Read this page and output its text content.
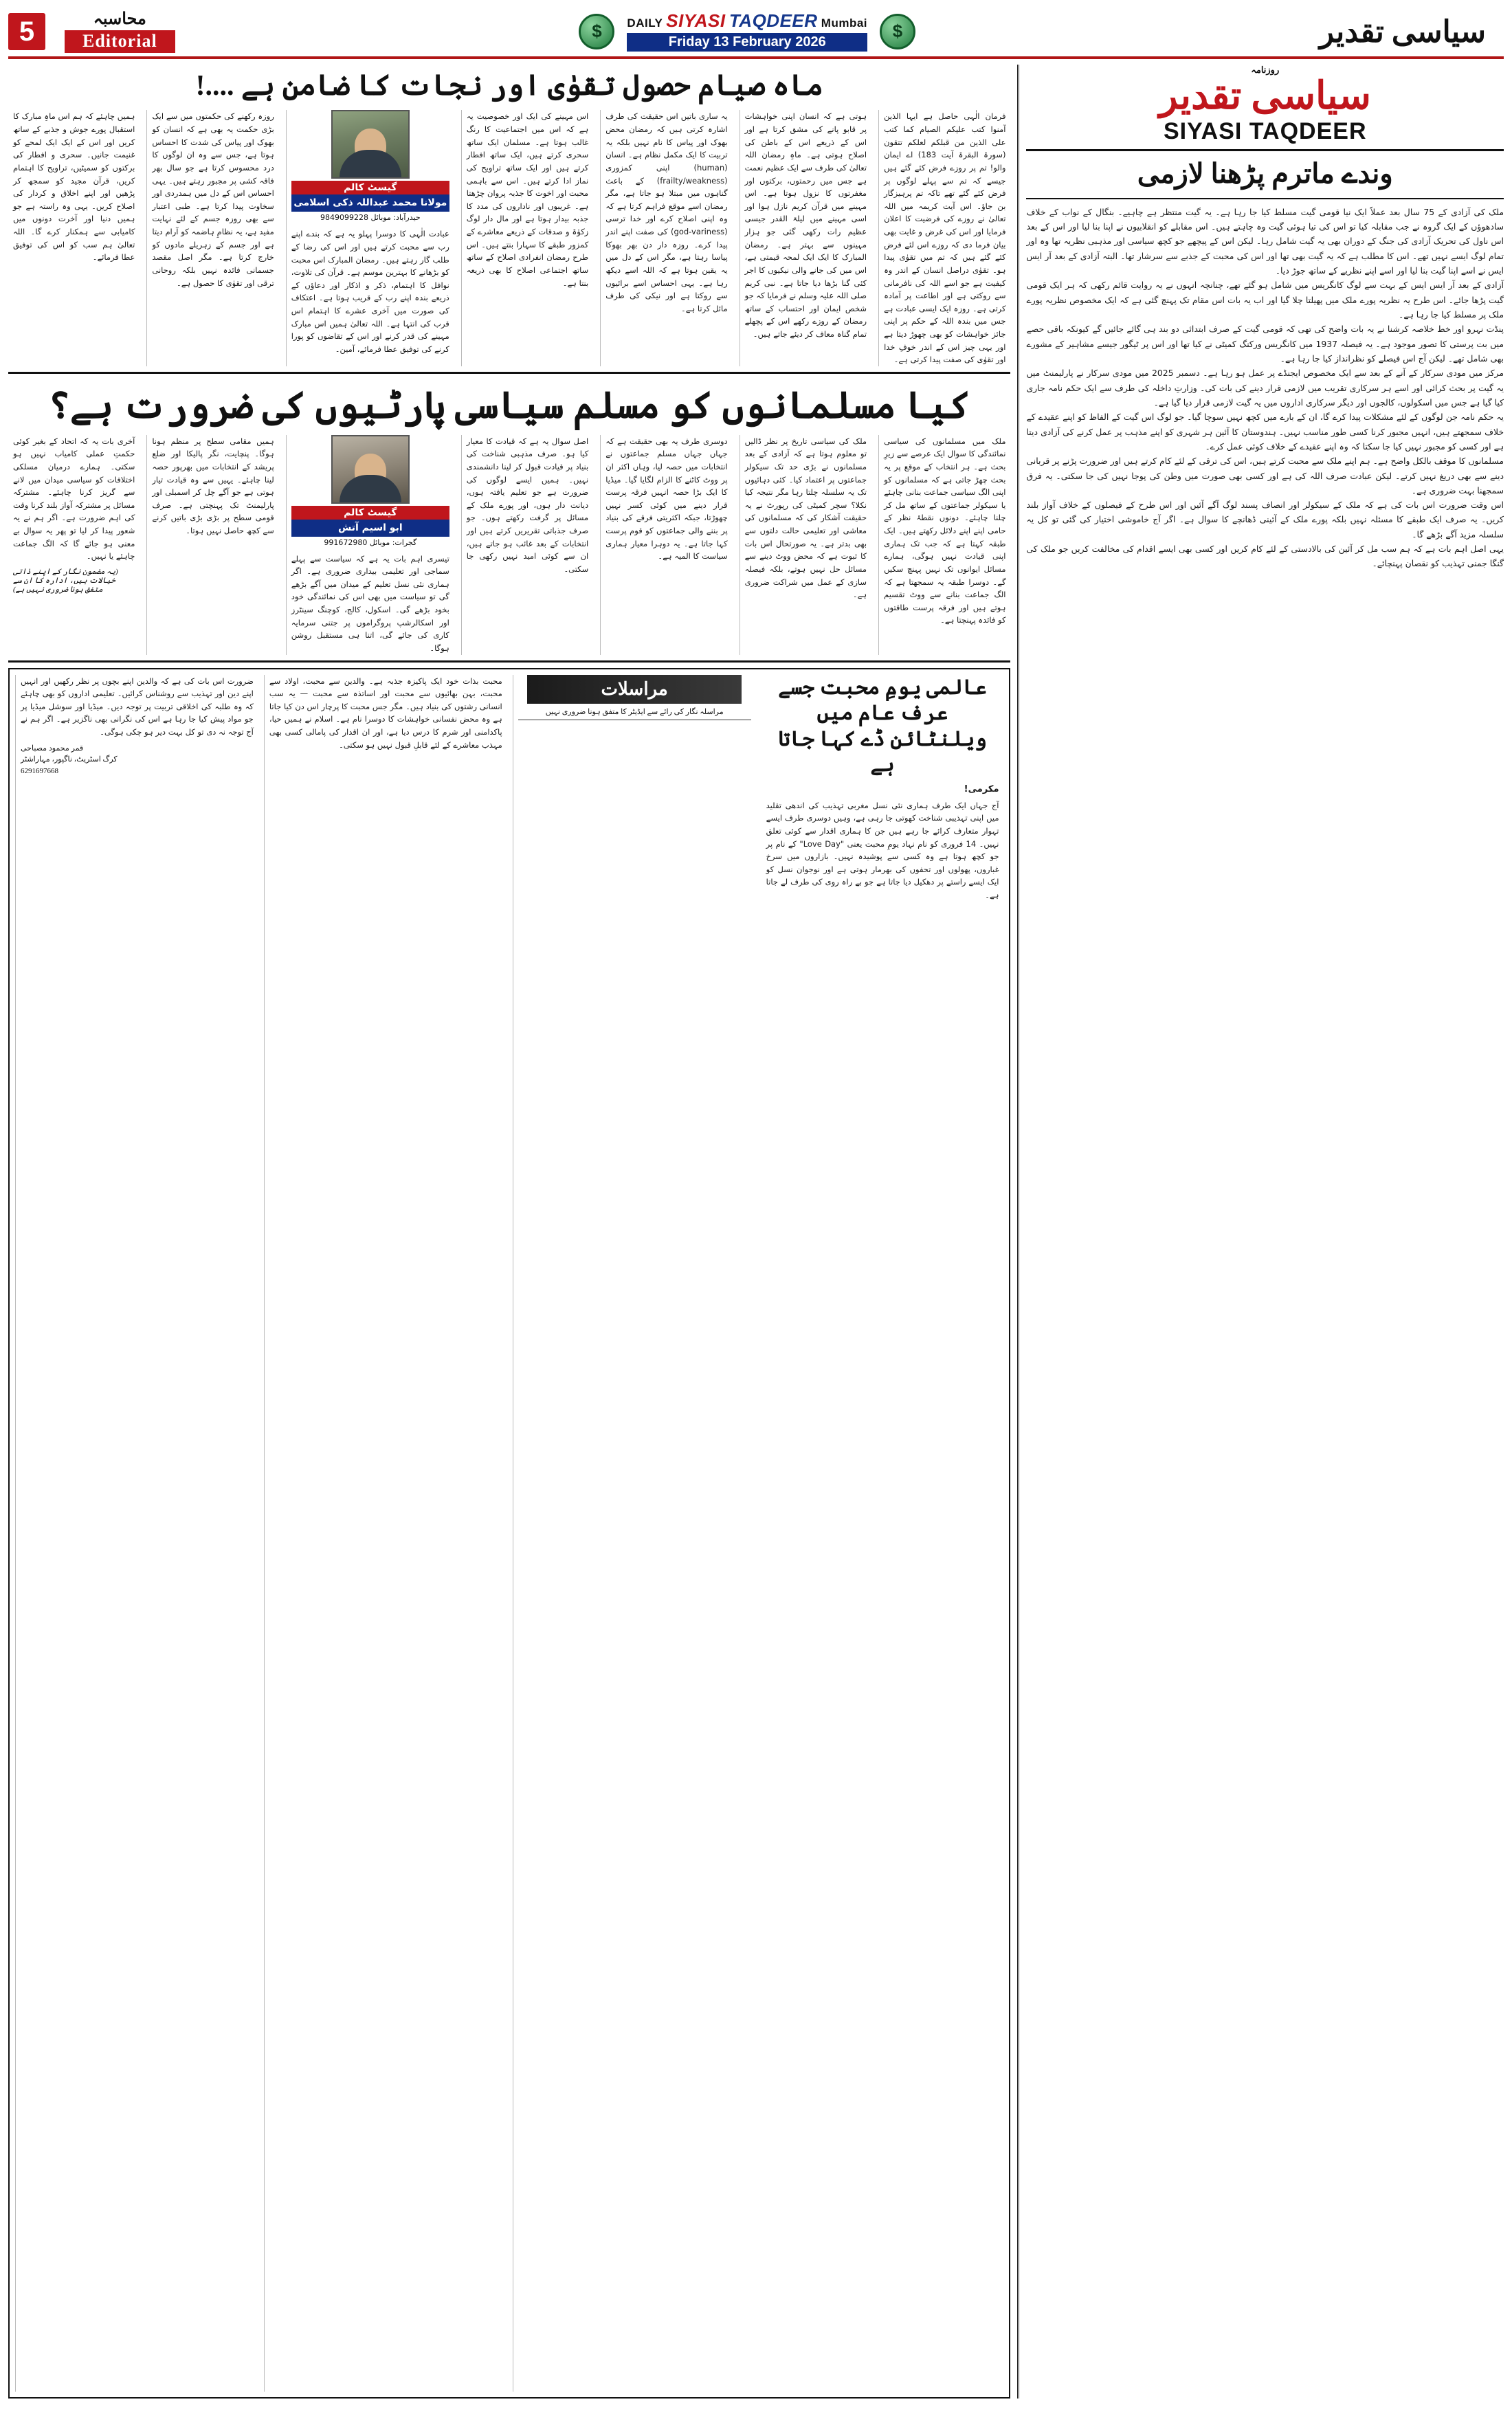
5	محاسبہ
Editorial	$	DAILY SIYASI TAQDEER Mumbai
Friday 13 February 2026
$	سیاسی تقدیر
ماہ صیام حصول تقوٰی اور نجات کا ضامن ہے ....!
فرمان الٰہی حاصل ہے ایہا الذین آمنوا کتب علیکم الصیام کما کتب علی الذین من قبلکم لعلکم تتقون (سورۃ البقرۃ آیت 183) اے ایمان والو! تم پر روزے فرض کئے گئے ہیں جیسے کہ تم سے پہلے لوگوں پر فرض کئے گئے تھے تاکہ تم پرہیزگار بن جاؤ۔ اس آیت کریمہ میں اللہ تعالیٰ نے روزے کی فرضیت کا اعلان فرمایا اور اس کی غرض و غایت بھی بیان فرما دی کہ روزے اس لئے فرض کئے گئے ہیں کہ تم میں تقوٰی پیدا ہو۔ تقوٰی دراصل انسان کے اندر وہ کیفیت ہے جو اسے اللہ کی نافرمانی سے روکتی ہے اور اطاعت پر آمادہ کرتی ہے۔ روزہ ایک ایسی عبادت ہے جس میں بندہ اللہ کے حکم پر اپنی جائز خواہشات کو بھی چھوڑ دیتا ہے اور یہی چیز اس کے اندر خوفِ خدا اور تقوٰی کی صفت پیدا کرتی ہے۔
ہوتی ہے کہ انسان اپنی خواہشات پر قابو پانے کی مشق کرتا ہے اور اس کے ذریعے اس کے باطن کی اصلاح ہوتی ہے۔ ماہِ رمضان اللہ تعالیٰ کی طرف سے ایک عظیم نعمت ہے جس میں رحمتوں، برکتوں اور مغفرتوں کا نزول ہوتا ہے۔ اس مہینے میں قرآن کریم نازل ہوا اور اسی مہینے میں لیلۃ القدر جیسی عظیم رات رکھی گئی جو ہزار مہینوں سے بہتر ہے۔ رمضان المبارک کا ایک ایک لمحہ قیمتی ہے، اس میں کی جانے والی نیکیوں کا اجر کئی گنا بڑھا دیا جاتا ہے۔ نبی کریم صلی اللہ علیہ وسلم نے فرمایا کہ جو شخص ایمان اور احتساب کے ساتھ رمضان کے روزے رکھے اس کے پچھلے تمام گناہ معاف کر دیئے جاتے ہیں۔
یہ ساری باتیں اس حقیقت کی طرف اشارہ کرتی ہیں کہ رمضان محض بھوک اور پیاس کا نام نہیں بلکہ یہ تربیت کا ایک مکمل نظام ہے۔ انسان (human) اپنی کمزوری (frailty/weakness) کے باعث گناہوں میں مبتلا ہو جاتا ہے، مگر رمضان اسے موقع فراہم کرتا ہے کہ وہ اپنی اصلاح کرے اور خدا ترسی (god-variness) کی صفت اپنے اندر پیدا کرے۔ روزہ دار دن بھر بھوکا پیاسا رہتا ہے، مگر اس کے دل میں یہ یقین ہوتا ہے کہ اللہ اسے دیکھ رہا ہے۔ یہی احساس اسے برائیوں سے روکتا ہے اور نیکی کی طرف مائل کرتا ہے۔
اس مہینے کی ایک اور خصوصیت یہ ہے کہ اس میں اجتماعیت کا رنگ غالب ہوتا ہے۔ مسلمان ایک ساتھ سحری کرتے ہیں، ایک ساتھ افطار کرتے ہیں اور ایک ساتھ تراویح کی نماز ادا کرتے ہیں۔ اس سے باہمی محبت اور اخوت کا جذبہ پروان چڑھتا ہے۔ غریبوں اور ناداروں کی مدد کا جذبہ بیدار ہوتا ہے اور مال دار لوگ زکوٰۃ و صدقات کے ذریعے معاشرے کے کمزور طبقے کا سہارا بنتے ہیں۔ اس طرح رمضان انفرادی اصلاح کے ساتھ ساتھ اجتماعی اصلاح کا بھی ذریعہ بنتا ہے۔
گیسٹ کالم
مولانا محمد عبداللہ ذکی اسلامی
حیدرآباد: موبائل 9849099228
عبادت الٰہی کا دوسرا پہلو یہ ہے کہ بندے اپنے رب سے محبت کرتے ہیں اور اس کی رضا کے طلب گار رہتے ہیں۔ رمضان المبارک اس محبت کو بڑھانے کا بہترین موسم ہے۔ قرآن کی تلاوت، نوافل کا اہتمام، ذکر و اذکار اور دعاؤں کے ذریعے بندہ اپنے رب کے قریب ہوتا ہے۔ اعتکاف کی صورت میں آخری عشرے کا اہتمام اس قرب کی انتہا ہے۔ اللہ تعالیٰ ہمیں اس مبارک مہینے کی قدر کرنے اور اس کے تقاضوں کو پورا کرنے کی توفیق عطا فرمائے، آمین۔
روزہ رکھنے کی حکمتوں میں سے ایک بڑی حکمت یہ بھی ہے کہ انسان کو بھوک اور پیاس کی شدت کا احساس ہوتا ہے، جس سے وہ ان لوگوں کا درد محسوس کرتا ہے جو سال بھر فاقہ کشی پر مجبور رہتے ہیں۔ یہی احساس اس کے دل میں ہمدردی اور سخاوت پیدا کرتا ہے۔ طبی اعتبار سے بھی روزہ جسم کے لئے نہایت مفید ہے، یہ نظامِ ہاضمہ کو آرام دیتا ہے اور جسم کے زہریلے مادوں کو خارج کرتا ہے۔ مگر اصل مقصد جسمانی فائدہ نہیں بلکہ روحانی ترقی اور تقوٰی کا حصول ہے۔
ہمیں چاہئے کہ ہم اس ماہِ مبارک کا استقبال پورے جوش و جذبے کے ساتھ کریں اور اس کے ایک ایک لمحے کو غنیمت جانیں۔ سحری و افطار کی برکتوں کو سمیٹیں، تراویح کا اہتمام کریں، قرآن مجید کو سمجھ کر پڑھیں اور اپنے اخلاق و کردار کی اصلاح کریں۔ یہی وہ راستہ ہے جو ہمیں دنیا اور آخرت دونوں میں کامیابی سے ہمکنار کرے گا۔ اللہ تعالیٰ ہم سب کو اس کی توفیق عطا فرمائے۔
کیا مسلمانوں کو مسلم سیاسی پارٹیوں کی ضرورت ہے؟
ملک میں مسلمانوں کی سیاسی نمائندگی کا سوال ایک عرصے سے زیرِ بحث ہے۔ ہر انتخاب کے موقع پر یہ بحث چھڑ جاتی ہے کہ مسلمانوں کو اپنی الگ سیاسی جماعت بنانی چاہئے یا سیکولر جماعتوں کے ساتھ مل کر چلنا چاہئے۔ دونوں نقطۂ نظر کے حامی اپنے اپنے دلائل رکھتے ہیں۔ ایک طبقہ کہتا ہے کہ جب تک ہماری اپنی قیادت نہیں ہوگی، ہمارے مسائل ایوانوں تک نہیں پہنچ سکیں گے۔ دوسرا طبقہ یہ سمجھتا ہے کہ الگ جماعت بنانے سے ووٹ تقسیم ہوتے ہیں اور فرقہ پرست طاقتوں کو فائدہ پہنچتا ہے۔
ملک کی سیاسی تاریخ پر نظر ڈالیں تو معلوم ہوتا ہے کہ آزادی کے بعد مسلمانوں نے بڑی حد تک سیکولر جماعتوں پر اعتماد کیا۔ کئی دہائیوں تک یہ سلسلہ چلتا رہا مگر نتیجہ کیا نکلا؟ سچر کمیٹی کی رپورٹ نے یہ حقیقت آشکار کی کہ مسلمانوں کی معاشی اور تعلیمی حالت دلتوں سے بھی بدتر ہے۔ یہ صورتحال اس بات کا ثبوت ہے کہ محض ووٹ دینے سے مسائل حل نہیں ہوتے، بلکہ فیصلہ سازی کے عمل میں شراکت ضروری ہے۔
دوسری طرف یہ بھی حقیقت ہے کہ جہاں جہاں مسلم جماعتوں نے انتخابات میں حصہ لیا، وہاں اکثر ان پر ووٹ کاٹنے کا الزام لگایا گیا۔ میڈیا کا ایک بڑا حصہ انہیں فرقہ پرست قرار دینے میں کوئی کسر نہیں چھوڑتا، جبکہ اکثریتی فرقے کی بنیاد پر بننے والی جماعتوں کو قوم پرست کہا جاتا ہے۔ یہ دوہرا معیار ہماری سیاست کا المیہ ہے۔
اصل سوال یہ ہے کہ قیادت کا معیار کیا ہو۔ صرف مذہبی شناخت کی بنیاد پر قیادت قبول کر لینا دانشمندی نہیں۔ ہمیں ایسے لوگوں کی ضرورت ہے جو تعلیم یافتہ ہوں، دیانت دار ہوں، اور پورے ملک کے مسائل پر گرفت رکھتے ہوں۔ جو صرف جذباتی تقریریں کرتے ہیں اور انتخابات کے بعد غائب ہو جاتے ہیں، ان سے کوئی امید نہیں رکھی جا سکتی۔
گیسٹ کالم
ابو اسیم آتش
گجرات: موبائل 991672980
تیسری اہم بات یہ ہے کہ سیاست سے پہلے سماجی اور تعلیمی بیداری ضروری ہے۔ اگر ہماری نئی نسل تعلیم کے میدان میں آگے بڑھے گی تو سیاست میں بھی اس کی نمائندگی خود بخود بڑھے گی۔ اسکول، کالج، کوچنگ سینٹرز اور اسکالرشپ پروگراموں پر جتنی سرمایہ کاری کی جائے گی، اتنا ہی مستقبل روشن ہوگا۔
ہمیں مقامی سطح پر منظم ہونا ہوگا۔ پنچایت، نگر پالیکا اور ضلع پریشد کے انتخابات میں بھرپور حصہ لینا چاہئے۔ یہیں سے وہ قیادت تیار ہوتی ہے جو آگے چل کر اسمبلی اور پارلیمنٹ تک پہنچتی ہے۔ صرف قومی سطح پر بڑی بڑی باتیں کرنے سے کچھ حاصل نہیں ہوتا۔
آخری بات یہ کہ اتحاد کے بغیر کوئی حکمتِ عملی کامیاب نہیں ہو سکتی۔ ہمارے درمیان مسلکی اختلافات کو سیاسی میدان میں لانے سے گریز کرنا چاہئے۔ مشترکہ مسائل پر مشترکہ آواز بلند کرنا وقت کی اہم ضرورت ہے۔ اگر ہم نے یہ شعور پیدا کر لیا تو پھر یہ سوال بے معنی ہو جائے گا کہ الگ جماعت چاہئے یا نہیں۔
(یہ مضمون نگار کے اپنے ذاتی خیالات ہیں، ادارہ کا ان سے متفق ہونا ضروری نہیں ہے)
ضرورت اس بات کی ہے کہ والدین اپنے بچوں پر نظر رکھیں اور انہیں اپنے دین اور تہذیب سے روشناس کرائیں۔ تعلیمی اداروں کو بھی چاہئے کہ وہ طلبہ کی اخلاقی تربیت پر توجہ دیں۔ میڈیا اور سوشل میڈیا پر جو مواد پیش کیا جا رہا ہے اس کی نگرانی بھی ناگزیر ہے۔ اگر ہم نے آج توجہ نہ دی تو کل بہت دیر ہو چکی ہوگی۔
قمر محمود مصباحی
کرگ اسٹریٹ، ناگپور، مہاراشٹر
6291697668
محبت بذات خود ایک پاکیزہ جذبہ ہے۔ والدین سے محبت، اولاد سے محبت، بہن بھائیوں سے محبت اور اساتذہ سے محبت — یہ سب انسانی رشتوں کی بنیاد ہیں۔ مگر جس محبت کا پرچار اس دن کیا جاتا ہے وہ محض نفسانی خواہشات کا دوسرا نام ہے۔ اسلام نے ہمیں حیا، پاکدامنی اور شرم کا درس دیا ہے، اور ان اقدار کی پامالی کسی بھی مہذب معاشرے کے لئے قابلِ قبول نہیں ہو سکتی۔
مراسلات
مراسلہ نگار کی رائے سے ایڈیٹر کا متفق ہونا ضروری نہیں
عالمی یومِ محبت جسے عرف عام میں ویلنٹائن ڈے کہا جاتا ہے
مکرمی!
آج جہاں ایک طرف ہماری نئی نسل مغربی تہذیب کی اندھی تقلید میں اپنی تہذیبی شناخت کھوتی جا رہی ہے، وہیں دوسری طرف ایسے تہوار متعارف کرائے جا رہے ہیں جن کا ہماری اقدار سے کوئی تعلق نہیں۔ 14 فروری کو نام نہاد یومِ محبت یعنی "Love Day" کے نام پر جو کچھ ہوتا ہے وہ کسی سے پوشیدہ نہیں۔ بازاروں میں سرخ غباروں، پھولوں اور تحفوں کی بھرمار ہوتی ہے اور نوجوان نسل کو ایک ایسے راستے پر دھکیل دیا جاتا ہے جو بے راہ روی کی طرف لے جاتا ہے۔
روزنامہ
سیاسی تقدیر
SIYASI TAQDEER
وندے ماترم پڑھنا لازمی
ملک کی آزادی کے 75 سال بعد عملاً ایک نیا قومی گیت مسلط کیا جا رہا ہے۔ یہ گیت منتظر ہے چاہیے۔ بنگال کے نواب کے خلاف سادھوؤں کے ایک گروہ نے جب مقابلہ کیا تو اس کی تیا ہوئی گیت وہ چاہتے ہیں۔ اس مقابلے کو انقلابیوں نے اپنا بنا لیا اور اس کے بعد اس ناول کی تحریک آزادی کی جنگ کے دوران بھی یہ گیت شامل رہا۔ لیکن اس کے پیچھے جو کچھ سیاسی اور مذہبی نظریہ تھا وہ اور تمام لوگ ایسے نہیں تھے۔ اس کا مطلب ہے کہ یہ گیت بھی تھا اور اس کی محبت کے جذبے سے سرشار تھا۔ البتہ آزادی کے بعد آر ایس ایس نے اسے اپنا گیت بنا لیا اور اسے اپنے نظریے کے ساتھ جوڑ دیا۔
آزادی کے بعد آر ایس ایس کے بہت سے لوگ کانگریس میں شامل ہو گئے تھے، چنانچہ انہوں نے یہ روایت قائم رکھی کہ ہر ایک قومی گیت پڑھا جائے۔ اس طرح یہ نظریہ پورے ملک میں پھیلتا چلا گیا اور اب یہ بات اس مقام تک پہنچ گئی ہے کہ ایک مخصوص نظریہ پورے ملک پر مسلط کیا جا رہا ہے۔
پنڈت نہرو اور خط خلاصہ کرشنا نے یہ بات واضح کی تھی کہ قومی گیت کے صرف ابتدائی دو بند ہی گائے جائیں گے کیونکہ باقی حصے میں بت پرستی کا تصور موجود ہے۔ یہ فیصلہ 1937 میں کانگریس ورکنگ کمیٹی نے کیا تھا اور اس پر ٹیگور جیسے مشاہیر کے مشورے بھی شامل تھے۔ لیکن آج اس فیصلے کو نظرانداز کیا جا رہا ہے۔
مرکز میں مودی سرکار کے آنے کے بعد سے ایک مخصوص ایجنڈے پر عمل ہو رہا ہے۔ دسمبر 2025 میں مودی سرکار نے پارلیمنٹ میں یہ گیت پر بحث کرائی اور اسے ہر سرکاری تقریب میں لازمی قرار دینے کی بات کی۔ وزارتِ داخلہ کی طرف سے ایک حکم نامہ جاری کیا گیا ہے جس میں اسکولوں، کالجوں اور دیگر سرکاری اداروں میں یہ گیت لازمی قرار دیا گیا ہے۔
یہ حکم نامہ جن لوگوں کے لئے مشکلات پیدا کرے گا، ان کے بارے میں کچھ نہیں سوچا گیا۔ جو لوگ اس گیت کے الفاظ کو اپنے عقیدے کے خلاف سمجھتے ہیں، انہیں مجبور کرنا کسی طور مناسب نہیں۔ ہندوستان کا آئین ہر شہری کو اپنے مذہب پر عمل کرنے کی آزادی دیتا ہے اور کسی کو مجبور نہیں کیا جا سکتا کہ وہ اپنے عقیدے کے خلاف کوئی عمل کرے۔
مسلمانوں کا موقف بالکل واضح ہے۔ ہم اپنے ملک سے محبت کرتے ہیں، اس کی ترقی کے لئے کام کرتے ہیں اور ضرورت پڑنے پر قربانی دینے سے بھی دریغ نہیں کرتے۔ لیکن عبادت صرف اللہ کی ہے اور کسی بھی صورت میں وطن کی پوجا نہیں کی جا سکتی۔ یہ فرق سمجھنا بہت ضروری ہے۔
اس وقت ضرورت اس بات کی ہے کہ ملک کے سیکولر اور انصاف پسند لوگ آگے آئیں اور اس طرح کے فیصلوں کے خلاف آواز بلند کریں۔ یہ صرف ایک طبقے کا مسئلہ نہیں بلکہ پورے ملک کے آئینی ڈھانچے کا سوال ہے۔ اگر آج خاموشی اختیار کی گئی تو کل یہ سلسلہ مزید آگے بڑھے گا۔
یہی اصل اہم بات ہے کہ ہم سب مل کر آئین کی بالادستی کے لئے کام کریں اور کسی بھی ایسے اقدام کی مخالفت کریں جو ملک کی گنگا جمنی تہذیب کو نقصان پہنچائے۔
